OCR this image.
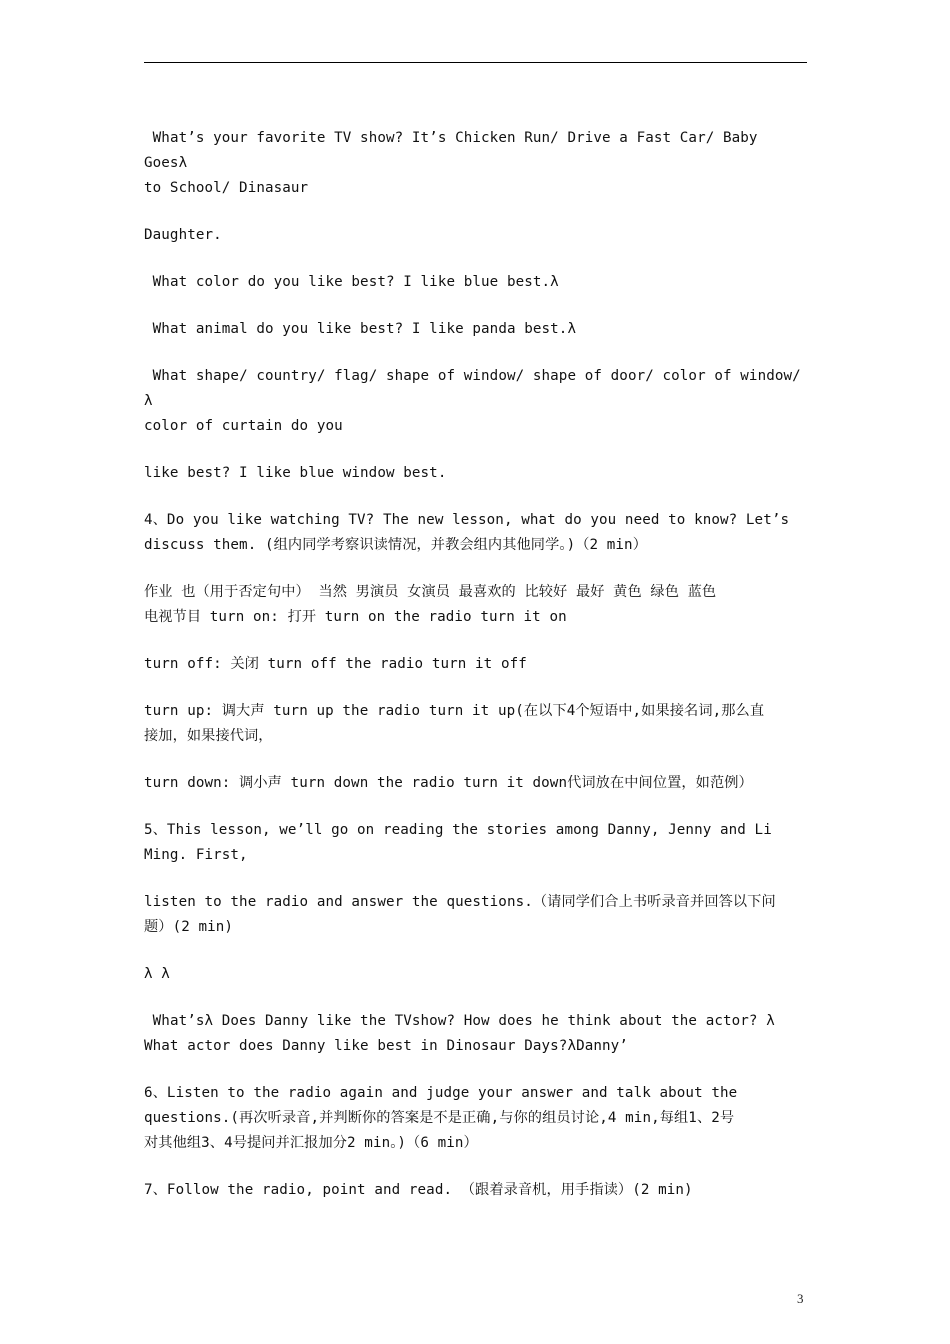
What’s your favorite TV show? It’s Chicken Run/ Drive a Fast Car/ Baby Goesλ
to School/ Dinasaur

Daughter.

What color do you like best? I like blue best.λ

What animal do you like best? I like panda best.λ

What shape/ country/ flag/ shape of window/ shape of door/ color of window/λ
color of curtain do you

like best? I like blue window best.

4、Do you like watching TV? The new lesson, what do you need to know? Let’s
discuss them. (组内同学考察识读情况，并教会组内其他同学。)（2 min）

作业 也（用于否定句中） 当然 男演员 女演员 最喜欢的 比较好 最好 黄色 绿色 蓝色
电视节目 turn on: 打开 turn on the radio turn it on

turn off: 关闭 turn off the radio turn it off

turn up: 调大声 turn up the radio turn it up(在以下4个短语中,如果接名词,那么直
接加，如果接代词，

turn down: 调小声 turn down the radio turn it down代词放在中间位置，如范例）

5、This lesson, we’ll go on reading the stories among Danny, Jenny and Li
Ming. First,

listen to the radio and answer the questions.（请同学们合上书听录音并回答以下问
题）(2 min)

λ λ

What’sλ Does Danny like the TVshow? How does he think about the actor? λ
What actor does Danny like best in Dinosaur Days?λDanny’

6、Listen to the radio again and judge your answer and talk about the
questions.(再次听录音,并判断你的答案是不是正确,与你的组员讨论,4 min,每组1、2号
对其他组3、4号提问并汇报加分2 min。)（6 min）

7、Follow the radio, point and read. （跟着录音机，用手指读）(2 min)

3
